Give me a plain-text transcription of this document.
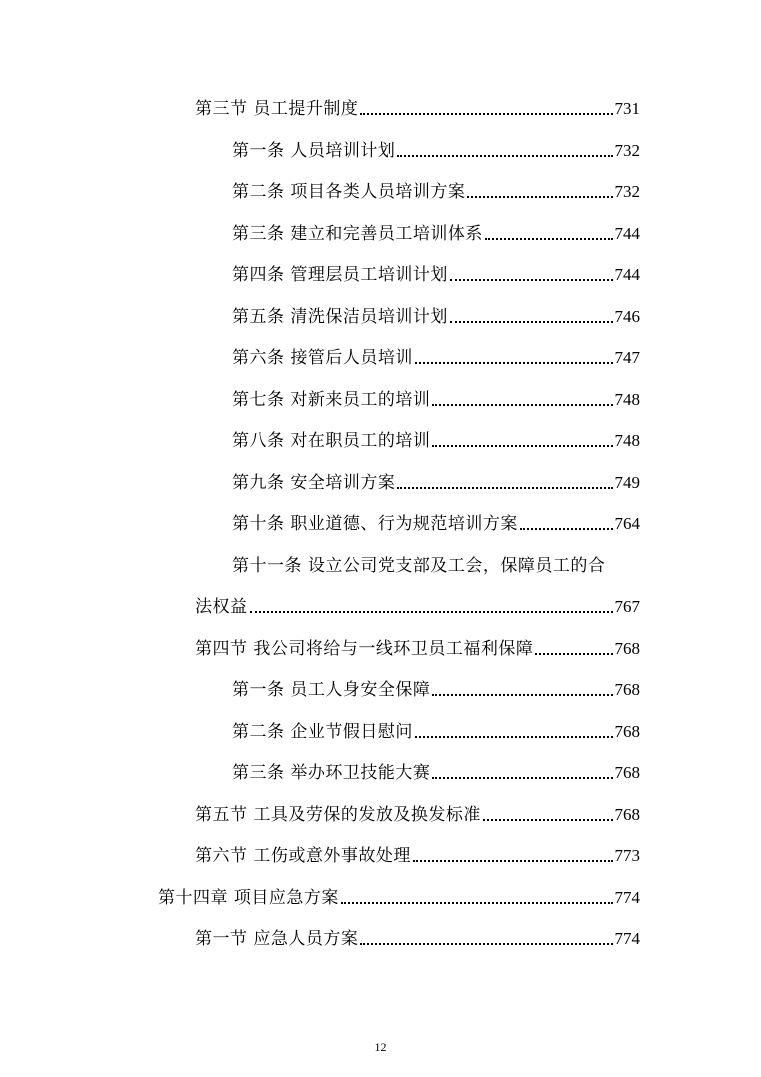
第三节 员工提升制度	731
第一条 人员培训计划	732
第二条 项目各类人员培训方案	732
第三条 建立和完善员工培训体系	744
第四条 管理层员工培训计划	744
第五条 清洗保洁员培训计划	746
第六条 接管后人员培训	747
第七条 对新来员工的培训	748
第八条 对在职员工的培训	748
第九条 安全培训方案	749
第十条 职业道德、行为规范培训方案	764
第十一条 设立公司党支部及工会，保障员工的合
法权益	767
第四节 我公司将给与一线环卫员工福利保障	768
第一条 员工人身安全保障	768
第二条 企业节假日慰问	768
第三条 举办环卫技能大赛	768
第五节 工具及劳保的发放及换发标准	768
第六节 工伤或意外事故处理	773
第十四章 项目应急方案	774
第一节 应急人员方案	774
12
